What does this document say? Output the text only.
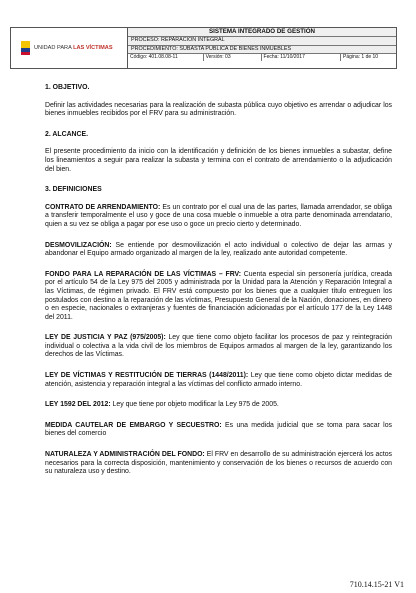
UNIDAD PARA LAS VÍCTIMAS
SISTEMA INTEGRADO DE GESTIÓN
PROCESO: REPARACIÓN INTEGRAL
PROCEDIMIENTO: SUBASTA PÚBLICA DE BIENES INMUEBLES
Código: 401.08.08-11	Versión: 03	Fecha: 11/10/2017	Página: 1 de 10
1. OBJETIVO.
Definir las actividades necesarias para la realización de subasta pública cuyo objetivo es arrendar o adjudicar los bienes inmuebles recibidos por el FRV para su administración.
2. ALCANCE.
El presente procedimiento da inicio con la identificación y definición de los bienes inmuebles a subastar, define los lineamientos a seguir para realizar la subasta y termina con el contrato de arrendamiento o la adjudicación del bien.
3. DEFINICIONES
CONTRATO DE ARRENDAMIENTO: Es un contrato por el cual una de las partes, llamada arrendador, se obliga a transferir temporalmente el uso y goce de una cosa mueble o inmueble a otra parte denominada arrendatario, quien a su vez se obliga a pagar por ese uso o goce un precio cierto y determinado.
DESMOVILIZACIÓN: Se entiende por desmovilización el acto individual o colectivo de dejar las armas y abandonar el Equipo armado organizado al margen de la ley, realizado ante autoridad competente.
FONDO PARA LA REPARACIÓN DE LAS VÍCTIMAS – FRV: Cuenta especial sin personería jurídica, creada por el artículo 54 de la Ley 975 del 2005 y administrada por la Unidad para la Atención y Reparación Integral a las Víctimas, de régimen privado. El FRV está compuesto por los bienes que a cualquier título entreguen los postulados con destino a la reparación de las víctimas, Presupuesto General de la Nación, donaciones, en dinero o en especie, nacionales o extranjeras y fuentes de financiación adicionadas por el artículo 177 de la Ley 1448 del 2011.
LEY DE JUSTICIA Y PAZ (975/2005): Ley que tiene como objeto facilitar los procesos de paz y reintegración individual o colectiva a la vida civil de los miembros de Equipos armados al margen de la ley, garantizando los derechos de las Víctimas.
LEY DE VÍCTIMAS Y RESTITUCIÓN DE TIERRAS (1448/2011): Ley que tiene como objeto dictar medidas de atención, asistencia y reparación integral a las víctimas del conflicto armado interno.
LEY 1592 DEL 2012: Ley que tiene por objeto modificar la Ley 975 de 2005.
MEDIDA CAUTELAR DE EMBARGO Y SECUESTRO: Es una medida judicial que se toma para sacar los bienes del comercio
NATURALEZA Y ADMINISTRACIÓN DEL FONDO: El FRV en desarrollo de su administración ejercerá los actos necesarios para la correcta disposición, mantenimiento y conservación de los bienes o recursos de acuerdo con su naturaleza uso y destino.
710.14.15-21 V1
